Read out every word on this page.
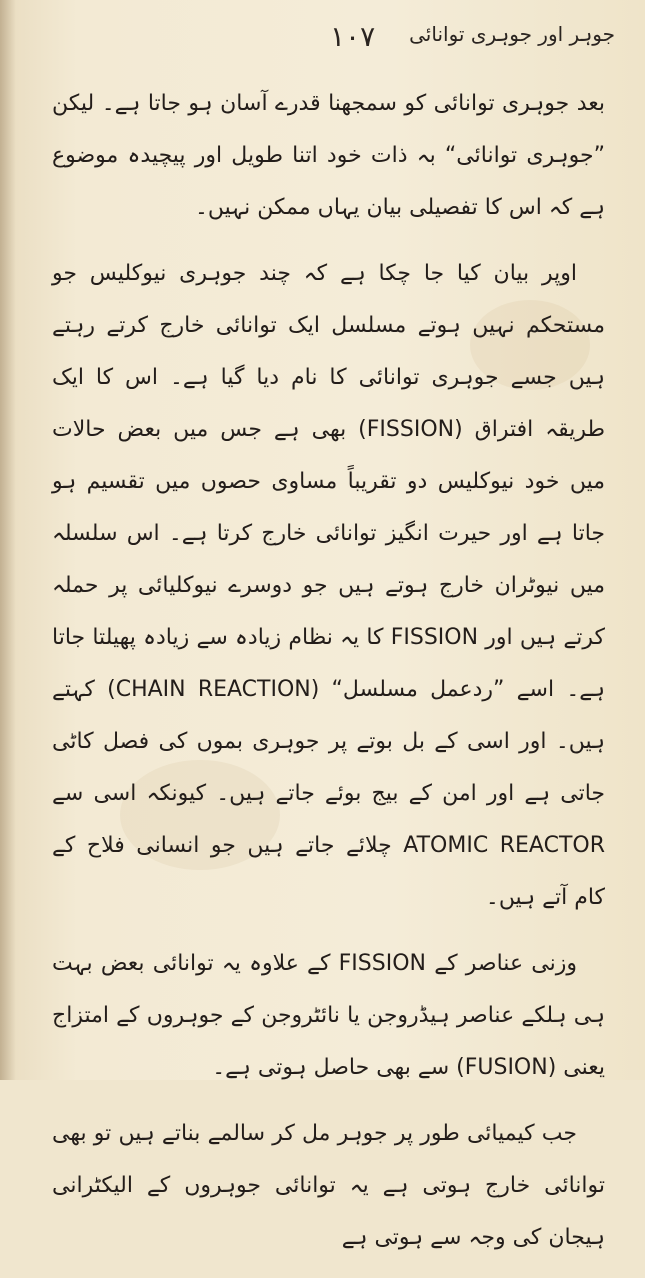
جوہر اور جوہری توانائی
۱۰۷

بعد جوہری توانائی کو سمجھنا قدرے آسان ہو جاتا ہے۔ لیکن ”جوہری توانائی“ بہ ذات خود اتنا طویل اور پیچیدہ موضوع ہے کہ اس کا تفصیلی بیان یہاں ممکن نہیں۔

اوپر بیان کیا جا چکا ہے کہ چند جوہری نیوکلیس جو مستحکم نہیں ہوتے مسلسل ایک توانائی خارج کرتے رہتے ہیں جسے جوہری توانائی کا نام دیا گیا ہے۔ اس کا ایک طریقہ افتراق (FISSION) بھی ہے جس میں بعض حالات میں خود نیوکلیس دو تقریباً مساوی حصوں میں تقسیم ہو جاتا ہے اور حیرت انگیز توانائی خارج کرتا ہے۔ اس سلسلہ میں نیوٹران خارج ہوتے ہیں جو دوسرے نیوکلیائی پر حملہ کرتے ہیں اور FISSION کا یہ نظام زیادہ سے زیادہ پھیلتا جاتا ہے۔ اسے ”ردعمل مسلسل“ (CHAIN REACTION) کہتے ہیں۔ اور اسی کے بل بوتے پر جوہری بموں کی فصل کاٹی جاتی ہے اور امن کے بیج بوئے جاتے ہیں۔ کیونکہ اسی سے ATOMIC REACTOR چلائے جاتے ہیں جو انسانی فلاح کے کام آتے ہیں۔

وزنی عناصر کے FISSION کے علاوہ یہ توانائی بعض بہت ہی ہلکے عناصر ہیڈروجن یا نائٹروجن کے جوہروں کے امتزاج یعنی (FUSION) سے بھی حاصل ہوتی ہے۔

جب کیمیائی طور پر جوہر مل کر سالمے بناتے ہیں تو بھی توانائی خارج ہوتی ہے یہ توانائی جوہروں کے الیکٹرانی ہیجان کی وجہ سے ہوتی ہے
